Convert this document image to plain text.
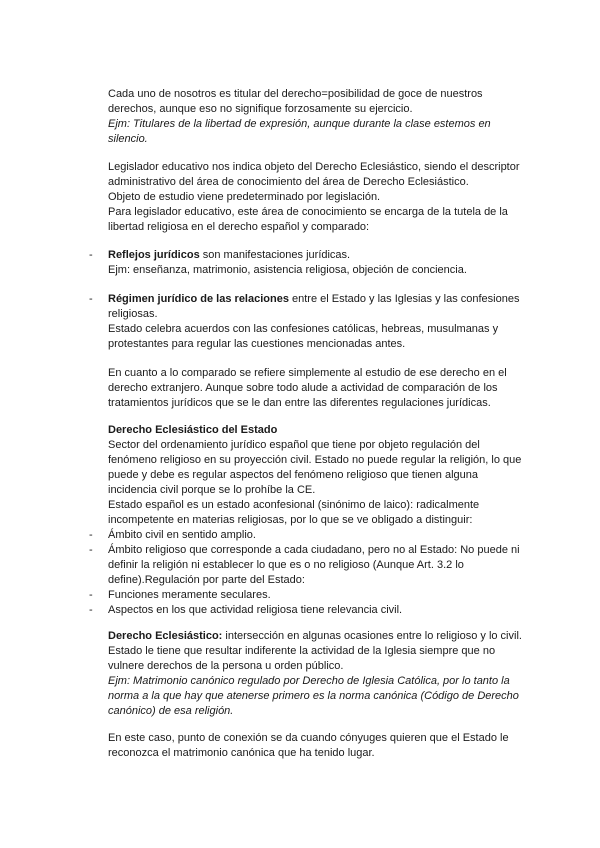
Cada uno de nosotros es titular del derecho=posibilidad de goce de nuestros

derechos, aunque eso no signifique forzosamente su ejercicio.

Ejm: Titulares de la libertad de expresión, aunque durante la clase estemos en

silencio.

Legislador educativo nos indica objeto del Derecho Eclesiástico, siendo el descriptor

administrativo del área de conocimiento del área de Derecho Eclesiástico.

Objeto de estudio viene predeterminado por legislación.

Para legislador educativo, este área de conocimiento se encarga de la tutela de la

libertad religiosa en el derecho español y comparado:

- Reflejos jurídicos son manifestaciones jurídicas.

Ejm: enseñanza, matrimonio, asistencia religiosa, objeción de conciencia.

- Régimen jurídico de las relaciones entre el Estado y las Iglesias y las confesiones

religiosas.

Estado celebra acuerdos con las confesiones católicas, hebreas, musulmanas y

protestantes para regular las cuestiones mencionadas antes.

En cuanto a lo comparado se refiere simplemente al estudio de ese derecho en el

derecho extranjero. Aunque sobre todo alude a actividad de comparación de los

tratamientos jurídicos que se le dan entre las diferentes regulaciones jurídicas.

Derecho Eclesiástico del Estado

Sector del ordenamiento jurídico español que tiene por objeto regulación del

fenómeno religioso en su proyección civil. Estado no puede regular la religión, lo que

puede y debe es regular aspectos del fenómeno religioso que tienen alguna

incidencia civil porque se lo prohíbe la CE.

Estado español es un estado aconfesional (sinónimo de laico): radicalmente

incompetente en materias religiosas, por lo que se ve obligado a distinguir:

- Ámbito civil en sentido amplio.

- Ámbito religioso que corresponde a cada ciudadano, pero no al Estado: No puede ni

definir la religión ni establecer lo que es o no religioso (Aunque Art. 3.2 lo

define).Regulación por parte del Estado:

- Funciones meramente seculares.

- Aspectos en los que actividad religiosa tiene relevancia civil.

Derecho Eclesiástico: intersección en algunas ocasiones entre lo religioso y lo civil.

Estado le tiene que resultar indiferente la actividad de la Iglesia siempre que no

vulnere derechos de la persona u orden público.

Ejm: Matrimonio canónico regulado por Derecho de Iglesia Católica, por lo tanto la

norma a la que hay que atenerse primero es la norma canónica (Código de Derecho

canónico) de esa religión.

En este caso, punto de conexión se da cuando cónyuges quieren que el Estado le

reconozca el matrimonio canónica que ha tenido lugar.
